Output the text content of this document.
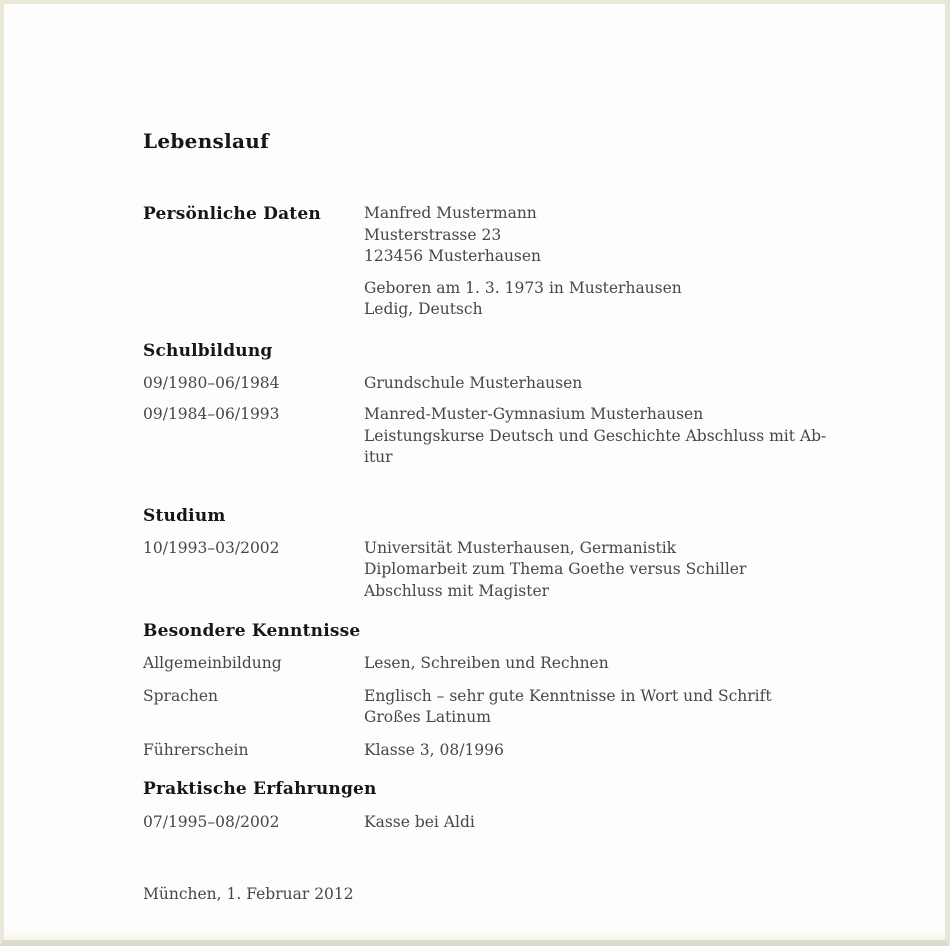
Lebenslauf
Persönliche Daten	Manfred Mustermann
Musterstrasse 23
123456 Musterhausen
Geboren am 1. 3. 1973 in Musterhausen
Ledig, Deutsch
Schulbildung
09/1980–06/1984	Grundschule Musterhausen
09/1984–06/1993	Manred-Muster-Gymnasium Musterhausen
Leistungskurse Deutsch und Geschichte Abschluss mit Ab-
itur
Studium
10/1993–03/2002	Universität Musterhausen, Germanistik
Diplomarbeit zum Thema Goethe versus Schiller
Abschluss mit Magister
Besondere Kenntnisse
Allgemeinbildung	Lesen, Schreiben und Rechnen
Sprachen	Englisch – sehr gute Kenntnisse in Wort und Schrift
Großes Latinum
Führerschein	Klasse 3, 08/1996
Praktische Erfahrungen
07/1995–08/2002	Kasse bei Aldi
München, 1. Februar 2012
